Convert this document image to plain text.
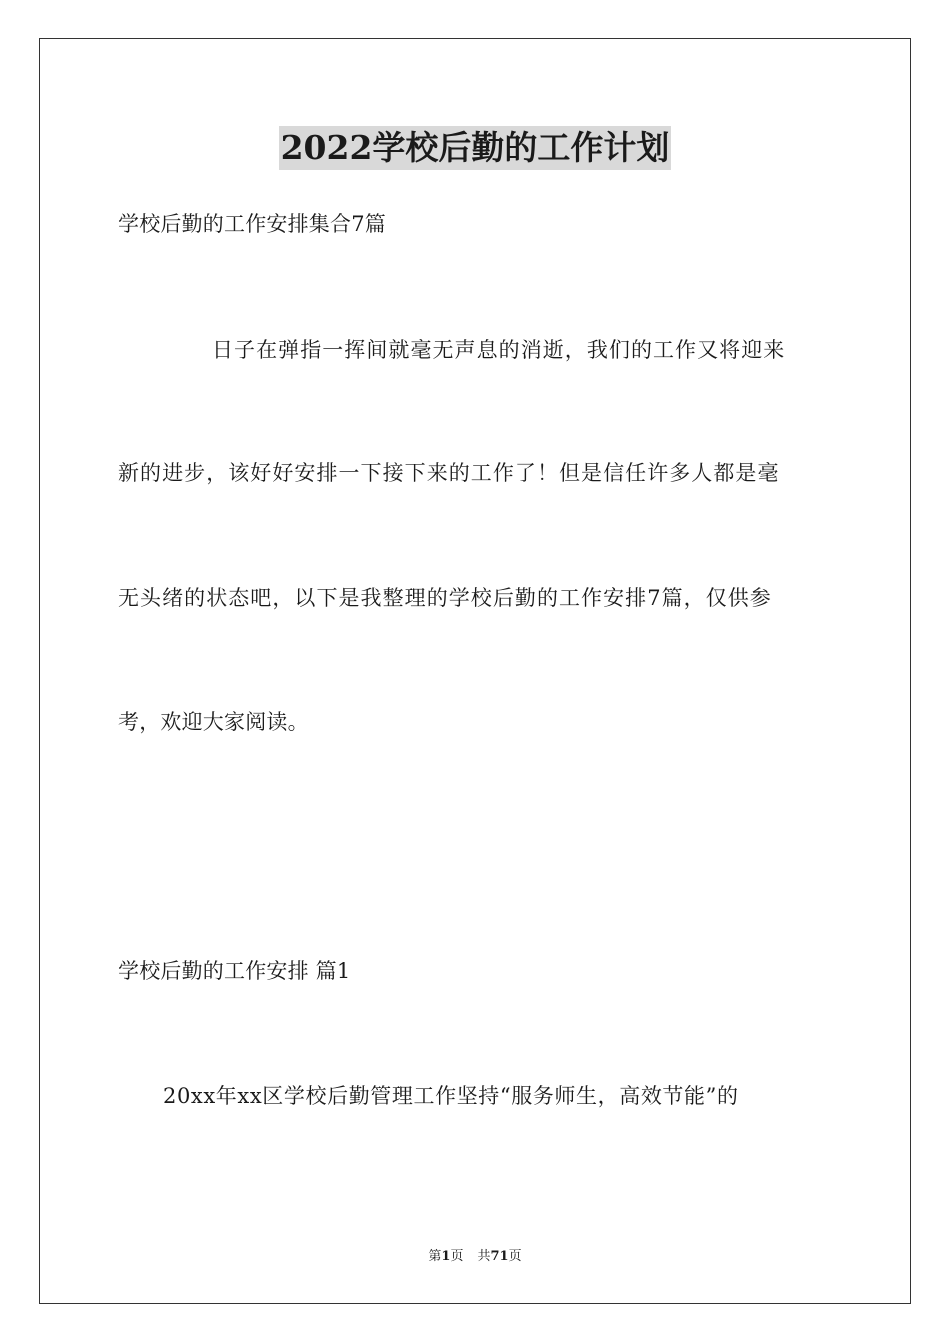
2022学校后勤的工作计划
学校后勤的工作安排集合7篇
日子在弹指一挥间就毫无声息的消逝，我们的工作又将迎来
新的进步，该好好安排一下接下来的工作了！但是信任许多人都是毫
无头绪的状态吧，以下是我整理的学校后勤的工作安排7篇，仅供参
考，欢迎大家阅读。
学校后勤的工作安排 篇1
20xx年xx区学校后勤管理工作坚持“服务师生，高效节能”的
第1页 共71页
